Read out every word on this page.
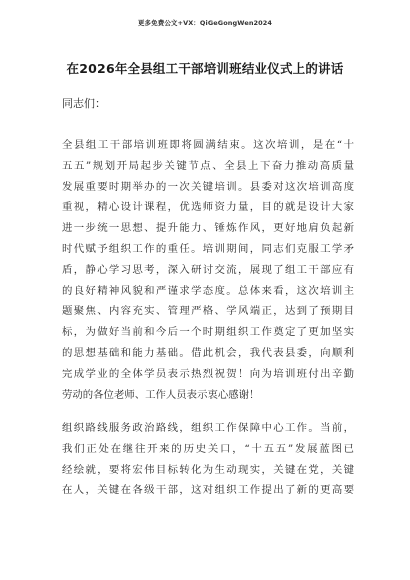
更多免费公文+VX：QiGeGongWen2024
在2026年全县组工干部培训班结业仪式上的讲话
同志们：
全县组工干部培训班即将圆满结束。这次培训，是在“十
五五”规划开局起步关键节点、全县上下奋力推动高质量
发展重要时期举办的一次关键培训。县委对这次培训高度
重视，精心设计课程，优选师资力量，目的就是设计大家
进一步统一思想、提升能力、锤炼作风，更好地肩负起新
时代赋予组织工作的重任。培训期间，同志们克服工学矛
盾，静心学习思考，深入研讨交流，展现了组工干部应有
的良好精神风貌和严谨求学态度。总体来看，这次培训主
题聚焦、内容充实、管理严格、学风端正，达到了预期目
标，为做好当前和今后一个时期组织工作奠定了更加坚实
的思想基础和能力基础。借此机会，我代表县委，向顺利
完成学业的全体学员表示热烈祝贺！向为培训班付出辛勤
劳动的各位老师、工作人员表示衷心感谢！
组织路线服务政治路线，组织工作保障中心工作。当前，
我们正处在继往开来的历史关口，“十五五”发展蓝图已
经绘就，要将宏伟目标转化为生动现实，关键在党，关键
在人，关键在各级干部，这对组织工作提出了新的更高要
